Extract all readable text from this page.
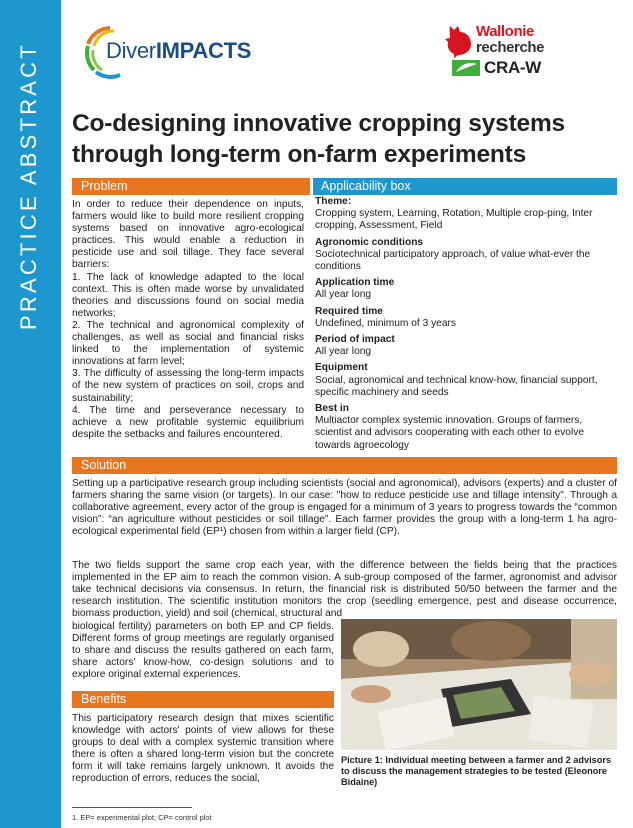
PRACTICE ABSTRACT	DiverIMPACTS
Wallonie
recherche
CRA-W
Co-designing innovative cropping systems through long-term on-farm experiments
Problem	Applicability box
Solution
Benefits

In order to reduce their dependence on inputs, farmers would like to build more resilient cropping systems based on innovative agro-ecological practices. This would enable a reduction in pesticide use and soil tillage. They face several barriers:

1. The lack of knowledge adapted to the local context. This is often made worse by unvalidated theories and discussions found on social media networks;

2. The technical and agronomical complexity of challenges, as well as social and financial risks linked to the implementation of systemic innovations at farm level;

3. The difficulty of assessing the long-term impacts of the new system of practices on soil, crops and sustainability;

4. The time and perseverance necessary to achieve a new profitable systemic equilibrium despite the setbacks and failures encountered.

Theme:
Cropping system, Learning, Rotation, Multiple crop-ping, Inter cropping, Assessment, Field
Agronomic conditions
Sociotechnical participatory approach, of value what-ever the conditions
Application time
All year long
Required time
Undefined, minimum of 3 years
Period of impact
All year long
Equipment
Social, agronomical and technical know-how, financial support, specific machinery and seeds
Best in
Multiactor complex systemic innovation. Groups of farmers, scientist and advisors cooperating with each other to evolve towards agroecology
Setting up a participative research group including scientists (social and agronomical), advisors (experts) and a cluster of farmers sharing the same vision (or targets). In our case: "how to reduce pesticide use and tillage intensity". Through a collaborative agreement, every actor of the group is engaged for a minimum of 3 years to progress towards the “common vision”: “an agriculture without pesticides or soil tillage”. Each farmer provides the group with a long-term 1 ha agro-ecological experimental field (EP¹) chosen from within a larger field (CP).
The two fields support the same crop each year, with the difference between the fields being that the practices implemented in the EP aim to reach the common vision. A sub-group composed of the farmer, agronomist and advisor take technical decisions via consensus. In return, the financial risk is distributed 50/50 between the farmer and the research institution. The scientific institution monitors the crop (seedling emergence, pest and disease occurrence, biomass production, yield) and soil (chemical, structural and
biological fertility) parameters on both EP and CP fields. Different forms of group meetings are regularly organised to share and discuss the results gathered on each farm, share actors' know-how, co-design solutions and to explore original external experiences.
This participatory research design that mixes scientific knowledge with actors' points of view allows for these groups to deal with a complex systemic transition where there is often a shared long-term vision but the concrete form it will take remains largely unknown. It avoids the reproduction of errors, reduces the social,
Picture 1: Individual meeting between a farmer and 2 advisors to discuss the management strategies to be tested (Eleonore Bidaine)
1. EP= experimental plot; CP= control plot
